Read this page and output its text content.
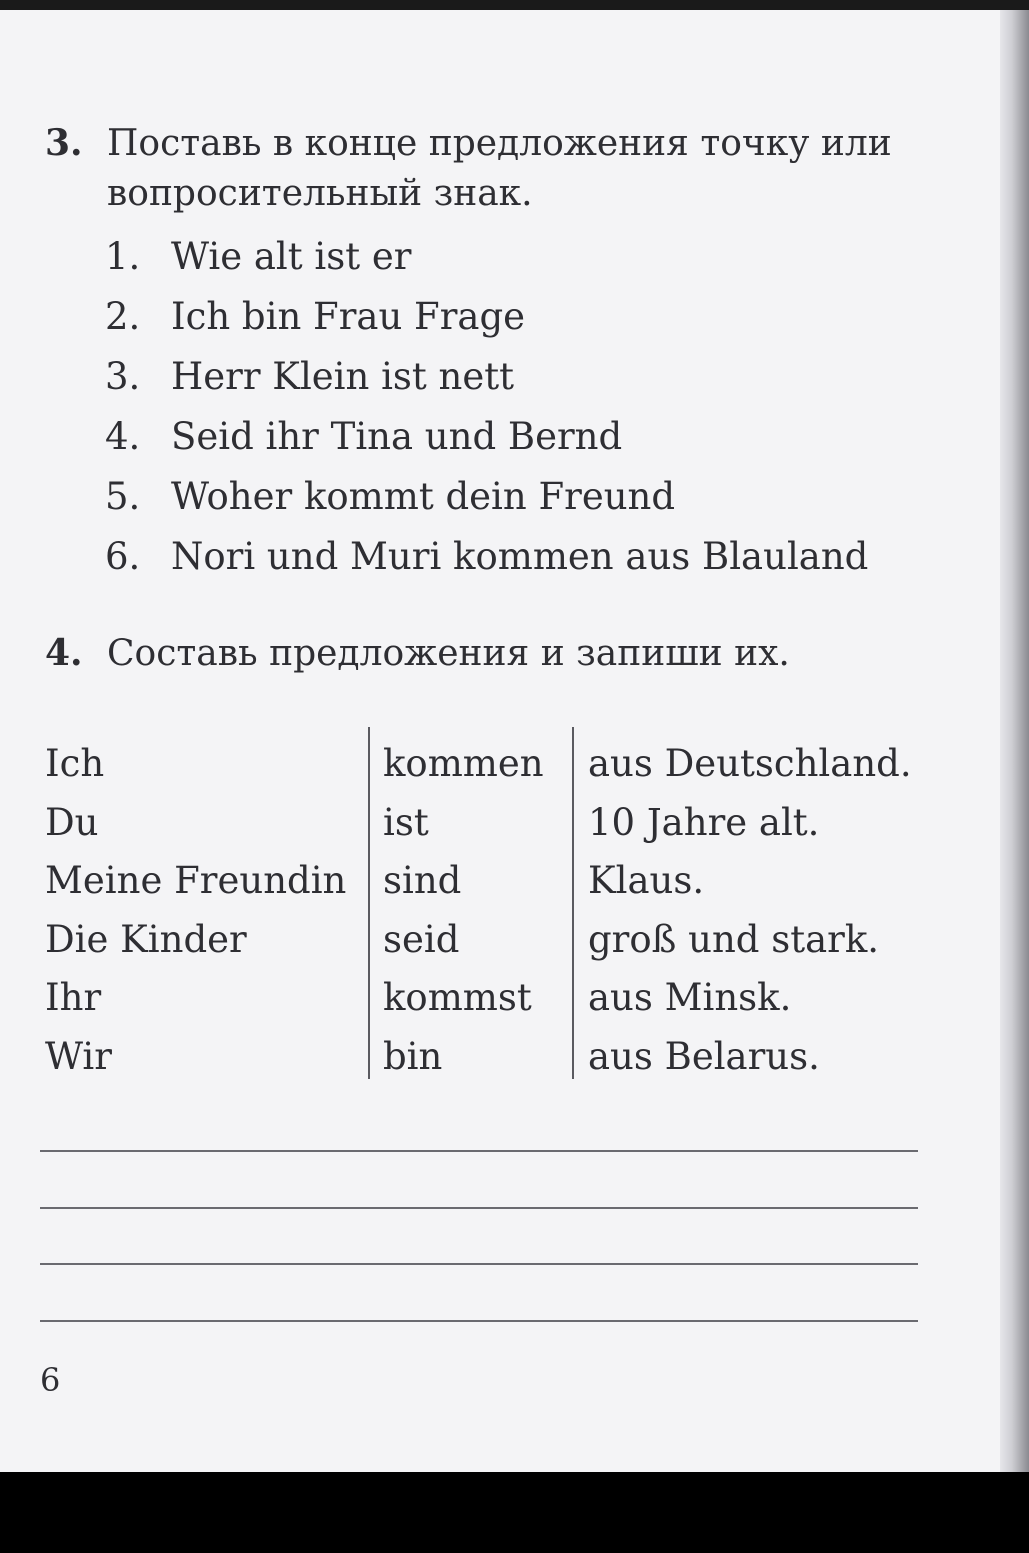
3. Поставь в конце предложения точку или
вопросительный знак.
1. Wie alt ist er
2. Ich bin Frau Frage
3. Herr Klein ist nett
4. Seid ihr Tina und Bernd
5. Woher kommt dein Freund
6. Nori und Muri kommen aus Blauland
4. Составь предложения и запиши их.
Ich
Du
Meine Freundin
Die Kinder
Ihr
Wir
kommen
ist
sind
seid
kommst
bin
aus Deutschland.
10 Jahre alt.
Klaus.
groß und stark.
aus Minsk.
aus Belarus.
6
